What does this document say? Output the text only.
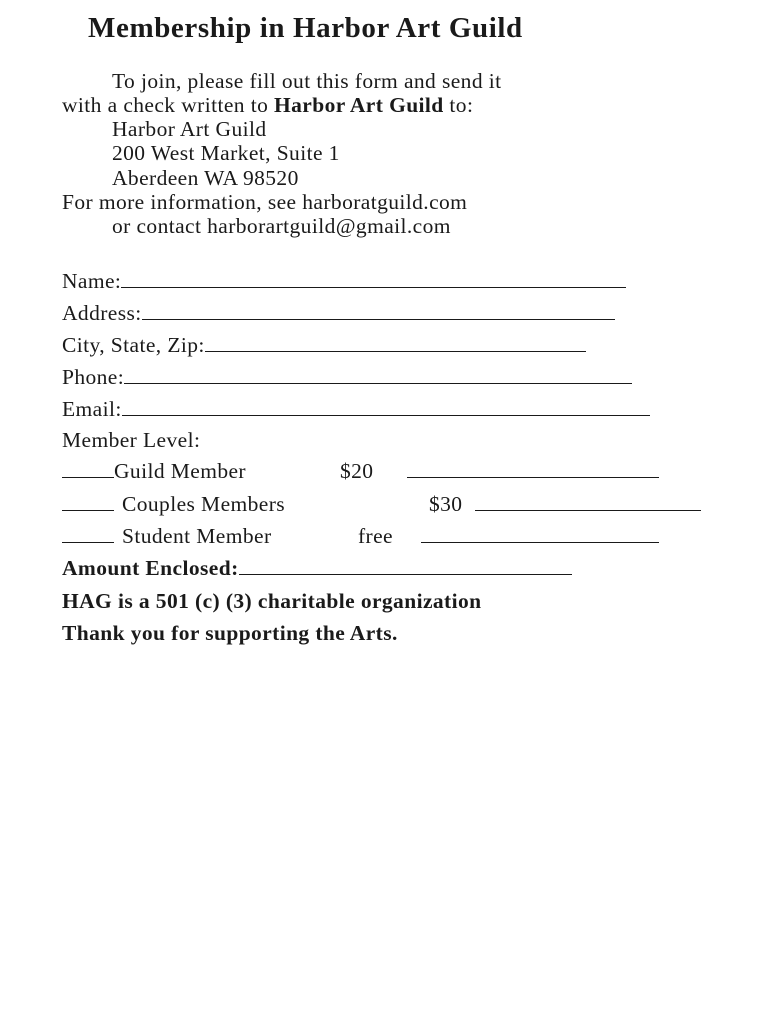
Membership in Harbor Art Guild
To join, please fill out this form and send it
with a check written to Harbor Art Guild to:
Harbor Art Guild
200 West Market, Suite 1
Aberdeen WA 98520
For more information, see harboratguild.com
or contact harborartguild@gmail.com
Name:
Address:
City, State, Zip:
Phone:
Email:
Member Level:
Guild Member	$20
Couples Members	$30
Student Member	free
Amount Enclosed:
HAG is a 501 (c) (3) charitable organization
Thank you for supporting the Arts.
